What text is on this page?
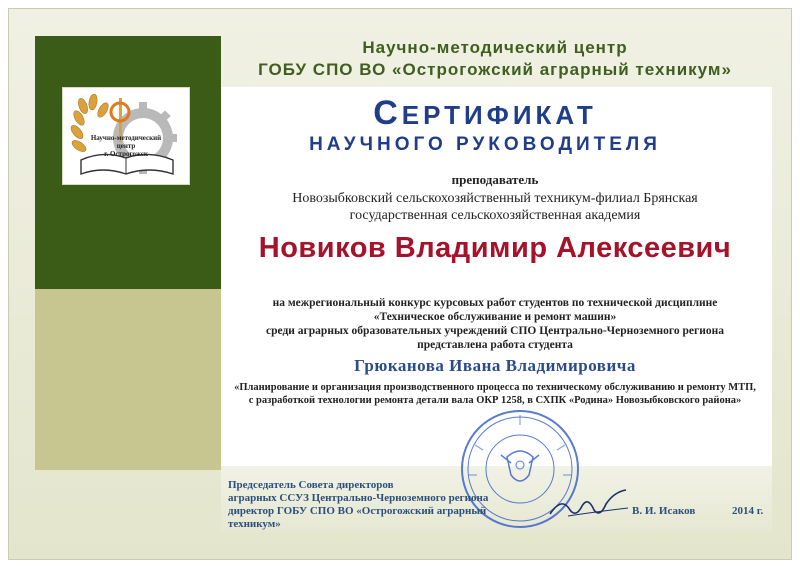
Научно-методический центр
ГОБУ СПО ВО «Острогожский аграрный техникум»
Научно-методический
центр
г. Острогожск
СЕРТИФИКАТ
НАУЧНОГО РУКОВОДИТЕЛЯ
преподаватель
Новозыбковский сельскохозяйственный техникум-филиал Брянская
государственная сельскохозяйственная академия
Новиков Владимир Алексеевич
на межрегиональный конкурс курсовых работ студентов по технической дисциплине
«Техническое обслуживание и ремонт машин»
среди аграрных образовательных учреждений СПО Центрально-Черноземного региона
представлена работа студента
Грюканова Ивана Владимировича
«Планирование и организация производственного процесса по техническому обслуживанию и ремонту МТП,
с разработкой технологии ремонта детали вала ОКР 1258, в СХПК «Родина» Новозыбковского района»
Председатель Совета директоров
аграрных ССУЗ Центрально-Черноземного региона
директор ГОБУ СПО ВО «Острогожский аграрный техникум»
В. И. Исаков	2014 г.
